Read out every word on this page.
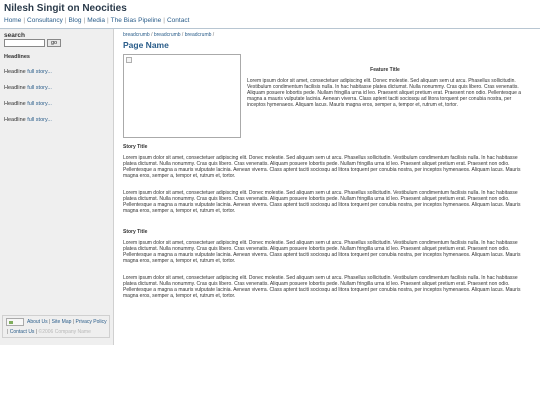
Nilesh Singit on Neocities
Home | Consultancy | Blog | Media | The Bias Pipeline | Contact
search
go
Headlines
Headline full story...
Headline full story...
Headline full story...
Headline full story...
About Us | Site Map | Privacy Policy
| Contact Us | ©2006 Company Name
breadcrumb / breadcrumb / breadcrumb /
Page Name
Feature Title
Lorem ipsum dolor sit amet, consectetuer adipiscing elit. Donec molestie. Sed aliquam sem ut arcu. Phasellus sollicitudin. Vestibulum condimentum facilisis nulla. In hac habitasse platea dictumst. Nulla nonummy. Cras quis libero. Cras venenatis. Aliquam posuere lobortis pede. Nullam fringilla urna id leo. Praesent aliquet pretium erat. Praesent non odio. Pellentesque a magna a mauris vulputate lacinia. Aenean viverra. Class aptent taciti sociosqu ad litora torquent per conubia nostra, per inceptos hymenaeos. Aliquam lacus. Mauris magna eros, semper a, tempor et, rutrum et, tortor.
Story Title
Lorem ipsum dolor sit amet, consectetuer adipiscing elit. Donec molestie. Sed aliquam sem ut arcu. Phasellus sollicitudin. Vestibulum condimentum facilisis nulla. In hac habitasse platea dictumst. Nulla nonummy. Cras quis libero. Cras venenatis. Aliquam posuere lobortis pede. Nullam fringilla urna id leo. Praesent aliquet pretium erat. Praesent non odio. Pellentesque a magna a mauris vulputate lacinia. Aenean viverra. Class aptent taciti sociosqu ad litora torquent per conubia nostra, per inceptos hymenaeos. Aliquam lacus. Mauris magna eros, semper a, tempor et, rutrum et, tortor.
Lorem ipsum dolor sit amet, consectetuer adipiscing elit. Donec molestie. Sed aliquam sem ut arcu. Phasellus sollicitudin. Vestibulum condimentum facilisis nulla. In hac habitasse platea dictumst. Nulla nonummy. Cras quis libero. Cras venenatis. Aliquam posuere lobortis pede. Nullam fringilla urna id leo. Praesent aliquet pretium erat. Praesent non odio. Pellentesque a magna a mauris vulputate lacinia. Aenean viverra. Class aptent taciti sociosqu ad litora torquent per conubia nostra, per inceptos hymenaeos. Aliquam lacus. Mauris magna eros, semper a, tempor et, rutrum et, tortor.
Story Title
Lorem ipsum dolor sit amet, consectetuer adipiscing elit. Donec molestie. Sed aliquam sem ut arcu. Phasellus sollicitudin. Vestibulum condimentum facilisis nulla. In hac habitasse platea dictumst. Nulla nonummy. Cras quis libero. Cras venenatis. Aliquam posuere lobortis pede. Nullam fringilla urna id leo. Praesent aliquet pretium erat. Praesent non odio. Pellentesque a magna a mauris vulputate lacinia. Aenean viverra. Class aptent taciti sociosqu ad litora torquent per conubia nostra, per inceptos hymenaeos. Aliquam lacus. Mauris magna eros, semper a, tempor et, rutrum et, tortor.
Lorem ipsum dolor sit amet, consectetuer adipiscing elit. Donec molestie. Sed aliquam sem ut arcu. Phasellus sollicitudin. Vestibulum condimentum facilisis nulla. In hac habitasse platea dictumst. Nulla nonummy. Cras quis libero. Cras venenatis. Aliquam posuere lobortis pede. Nullam fringilla urna id leo. Praesent aliquet pretium erat. Praesent non odio. Pellentesque a magna a mauris vulputate lacinia. Aenean viverra. Class aptent taciti sociosqu ad litora torquent per conubia nostra, per inceptos hymenaeos. Aliquam lacus. Mauris magna eros, semper a, tempor et, rutrum et, tortor.
